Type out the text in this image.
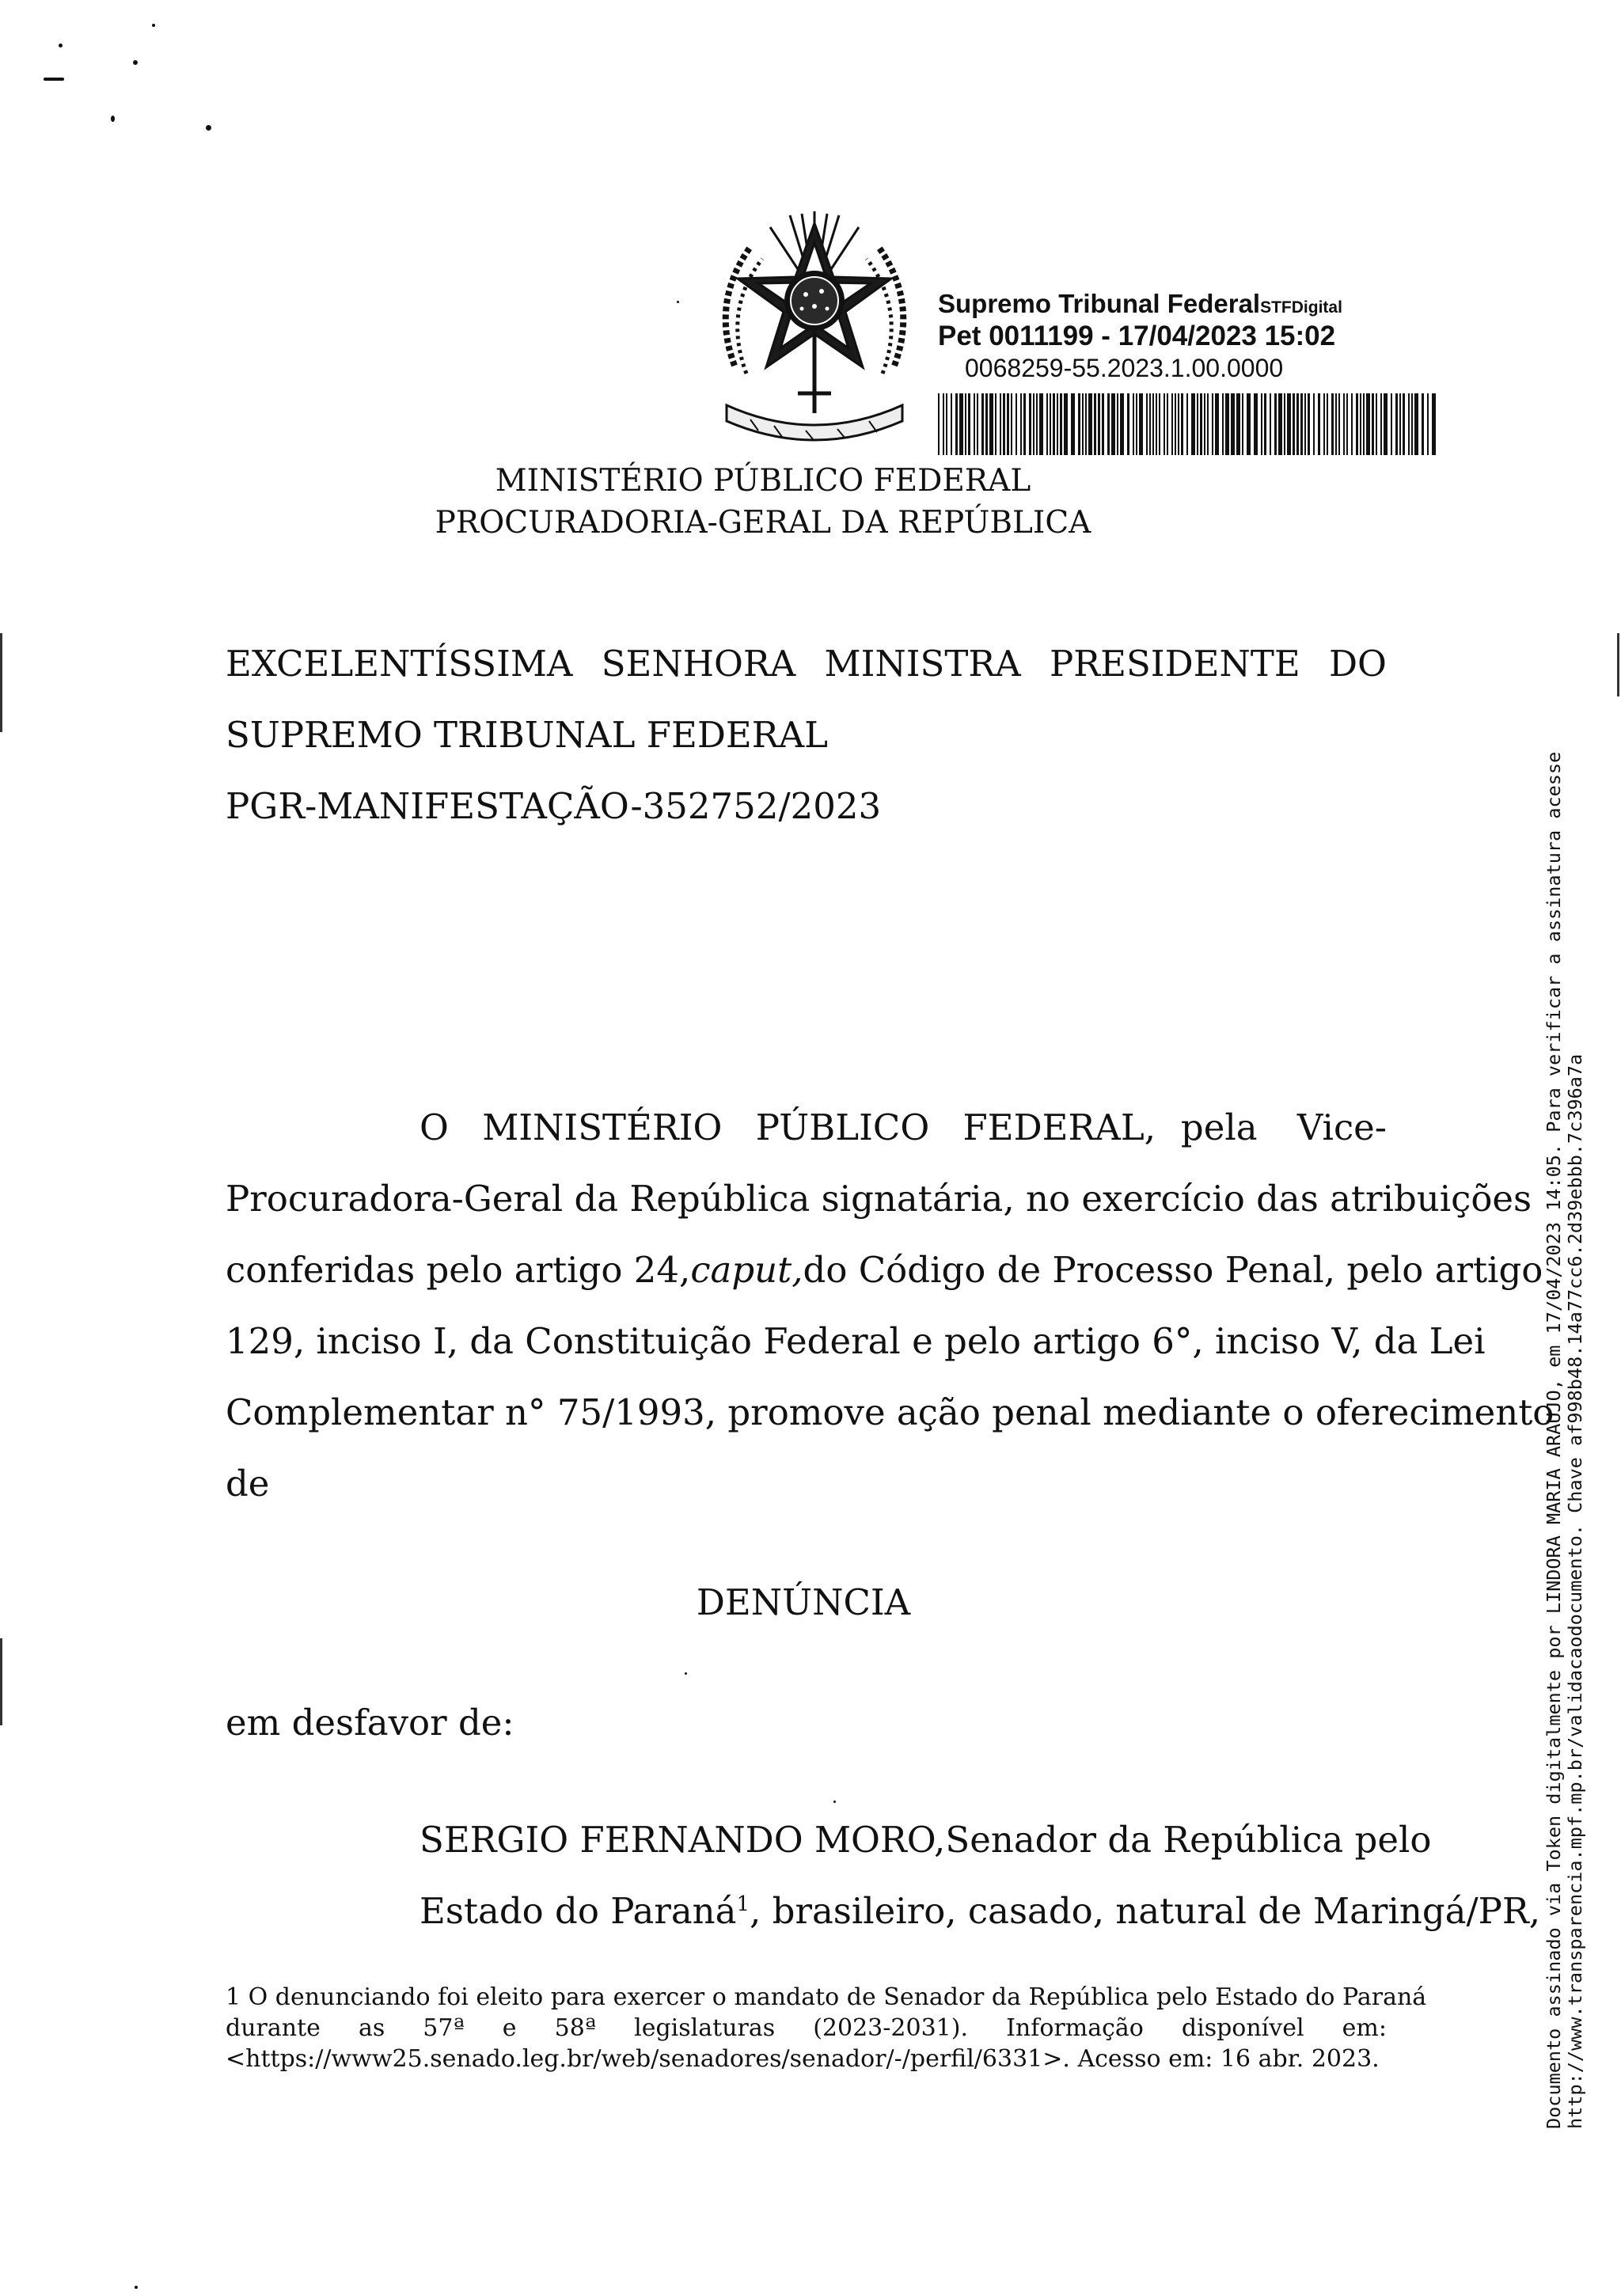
Supremo Tribunal FederalSTFDigital
Pet 0011199 - 17/04/2023 15:02
0068259-55.2023.1.00.0000
MINISTÉRIO PÚBLICO FEDERAL
PROCURADORIA-GERAL DA REPÚBLICA
EXCELENTÍSSIMA SENHORA MINISTRA PRESIDENTE DO
SUPREMO TRIBUNAL FEDERAL
PGR-MANIFESTAÇÃO-352752/2023
O MINISTÉRIO PÚBLICO FEDERAL, pela Vice-
Procuradora-Geral da República signatária, no exercício das atribuições
conferidas pelo artigo 24, caput, do Código de Processo Penal, pelo artigo
129, inciso I, da Constituição Federal e pelo artigo 6°, inciso V, da Lei
Complementar n° 75/1993, promove ação penal mediante o oferecimento
de
DENÚNCIA
em desfavor de:
SERGIO FERNANDO MORO, Senador da República pelo
Estado do Paraná$^1$, brasileiro, casado, natural de Maringá/PR,
1 O denunciando foi eleito para exercer o mandato de Senador da República pelo Estado do Paraná
durante as 57ª e 58ª legislaturas (2023-2031). Informação disponível em:
<https://www25.senado.leg.br/web/senadores/senador/-/perfil/6331>. Acesso em: 16 abr. 2023.	Documento assinado via Token digitalmente por LINDORA MARIA ARAUJO, em 17/04/2023 14:05. Para verificar a assinatura acesse http://www.transparencia.mpf.mp.br/validacaodocumento. Chave af998b48.14a77cc6.2d39ebbb.7c396a7a
